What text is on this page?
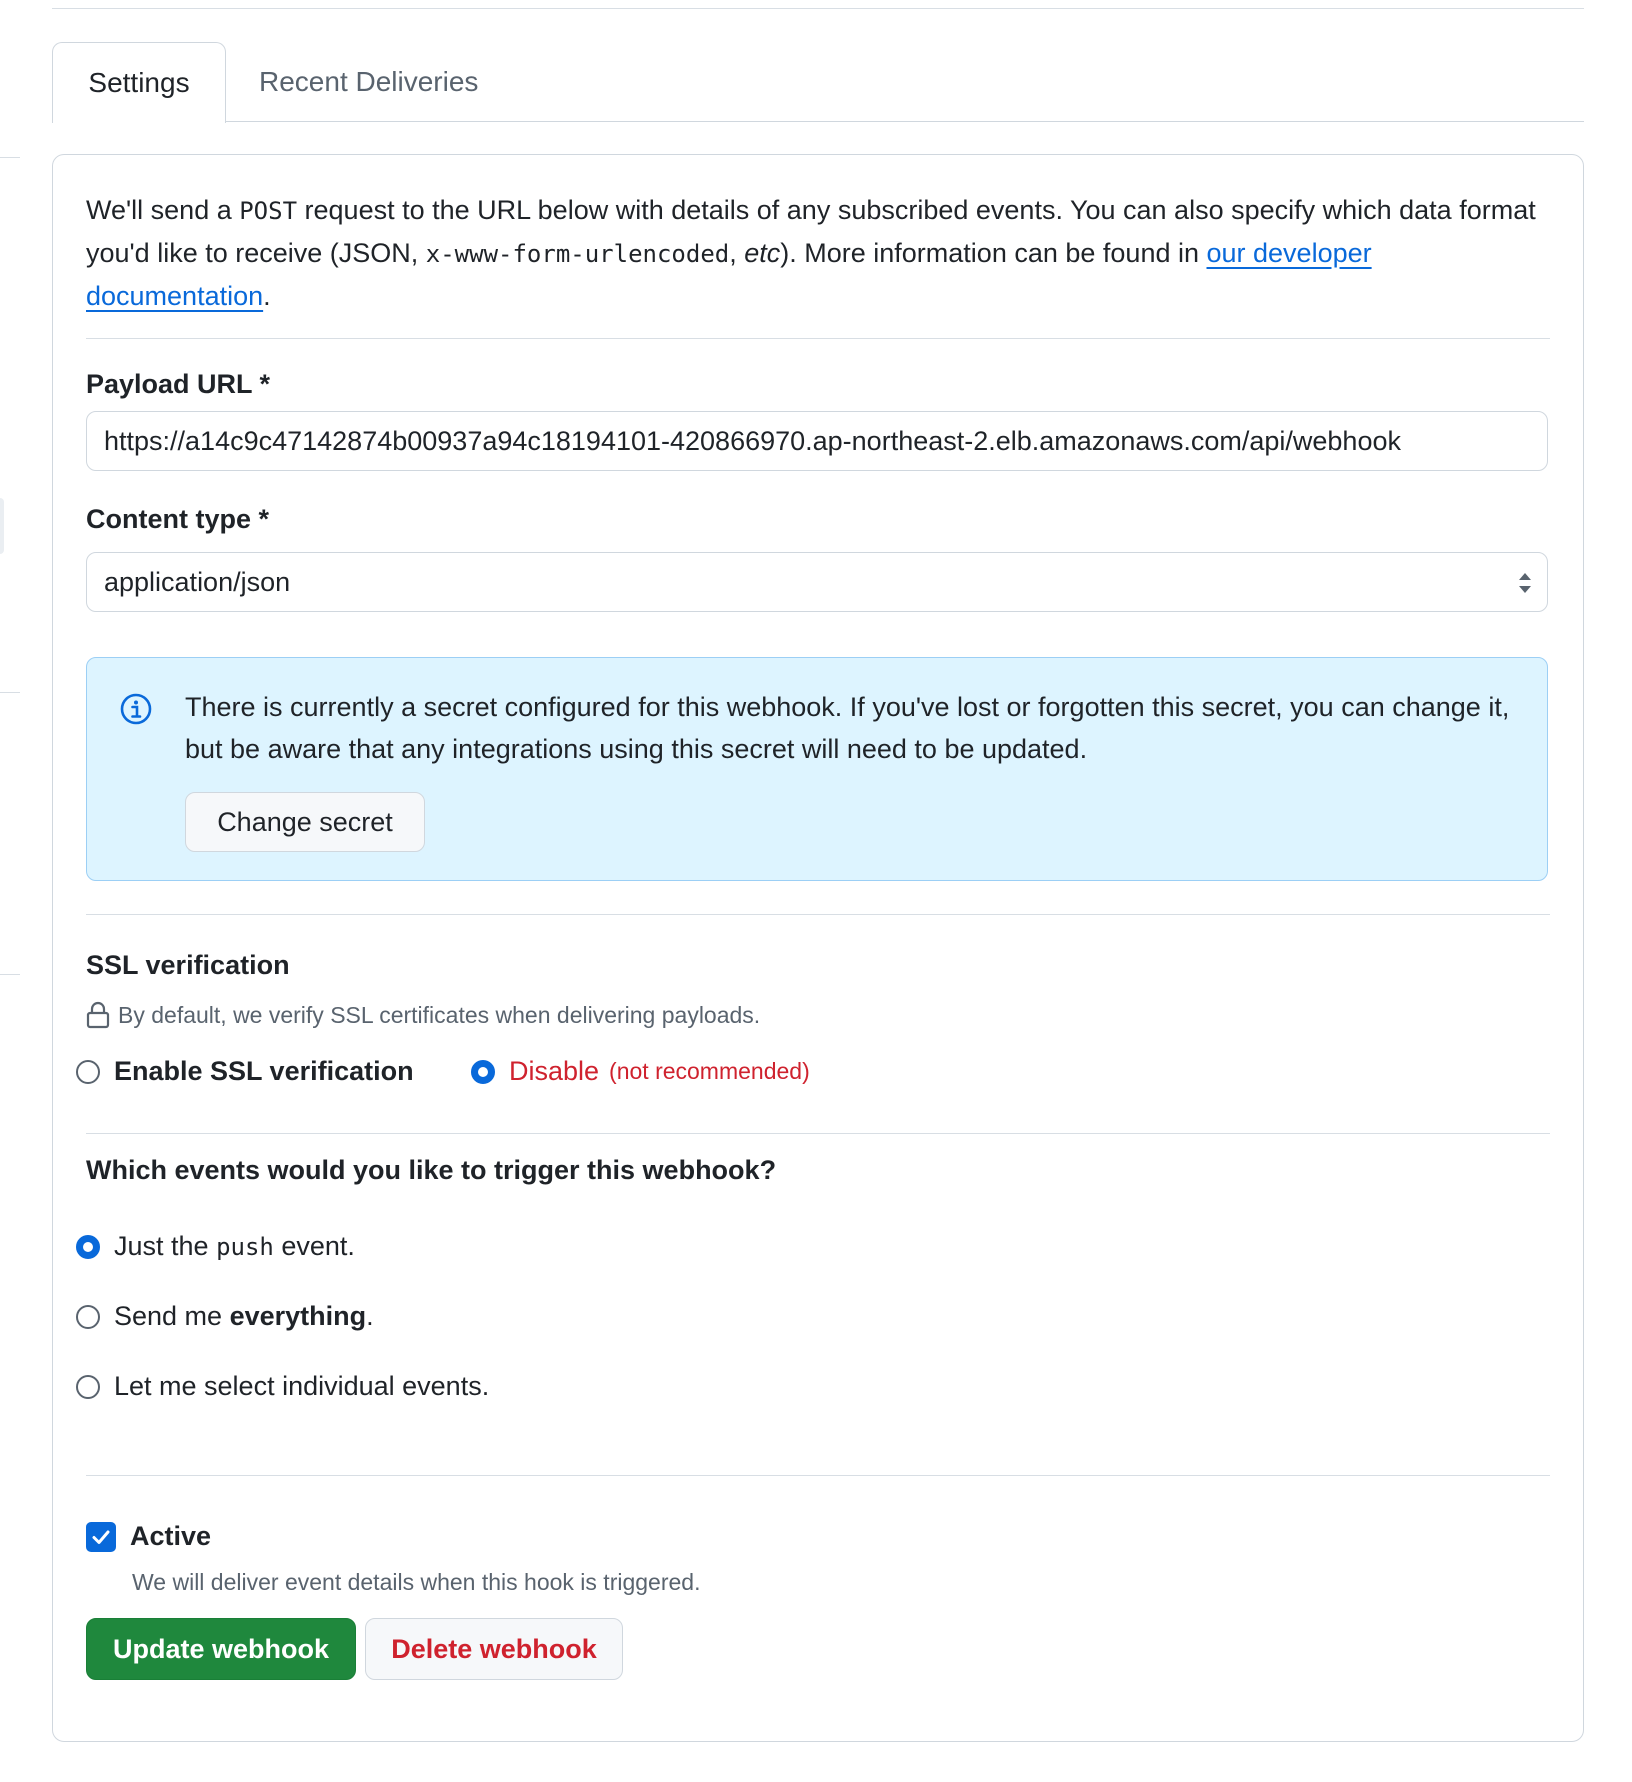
Settings	Recent Deliveries
We'll send a POST request to the URL below with details of any subscribed events. You can also specify which data format you'd like to receive (JSON, x-www-form-urlencoded, etc). More information can be found in our developer documentation.
Payload URL *
https://a14c9c47142874b00937a94c18194101-420866970.ap-northeast-2.elb.amazonaws.com/api/webhook
Content type *
application/json
There is currently a secret configured for this webhook. If you've lost or forgotten this secret, you can change it, but be aware that any integrations using this secret will need to be updated.
Change secret
SSL verification
By default, we verify SSL certificates when delivering payloads.
Enable SSL verification	Disable (not recommended)
Which events would you like to trigger this webhook?
Just the push event.
Send me everything .
Let me select individual events.
Active
We will deliver event details when this hook is triggered.
Update webhook	Delete webhook
